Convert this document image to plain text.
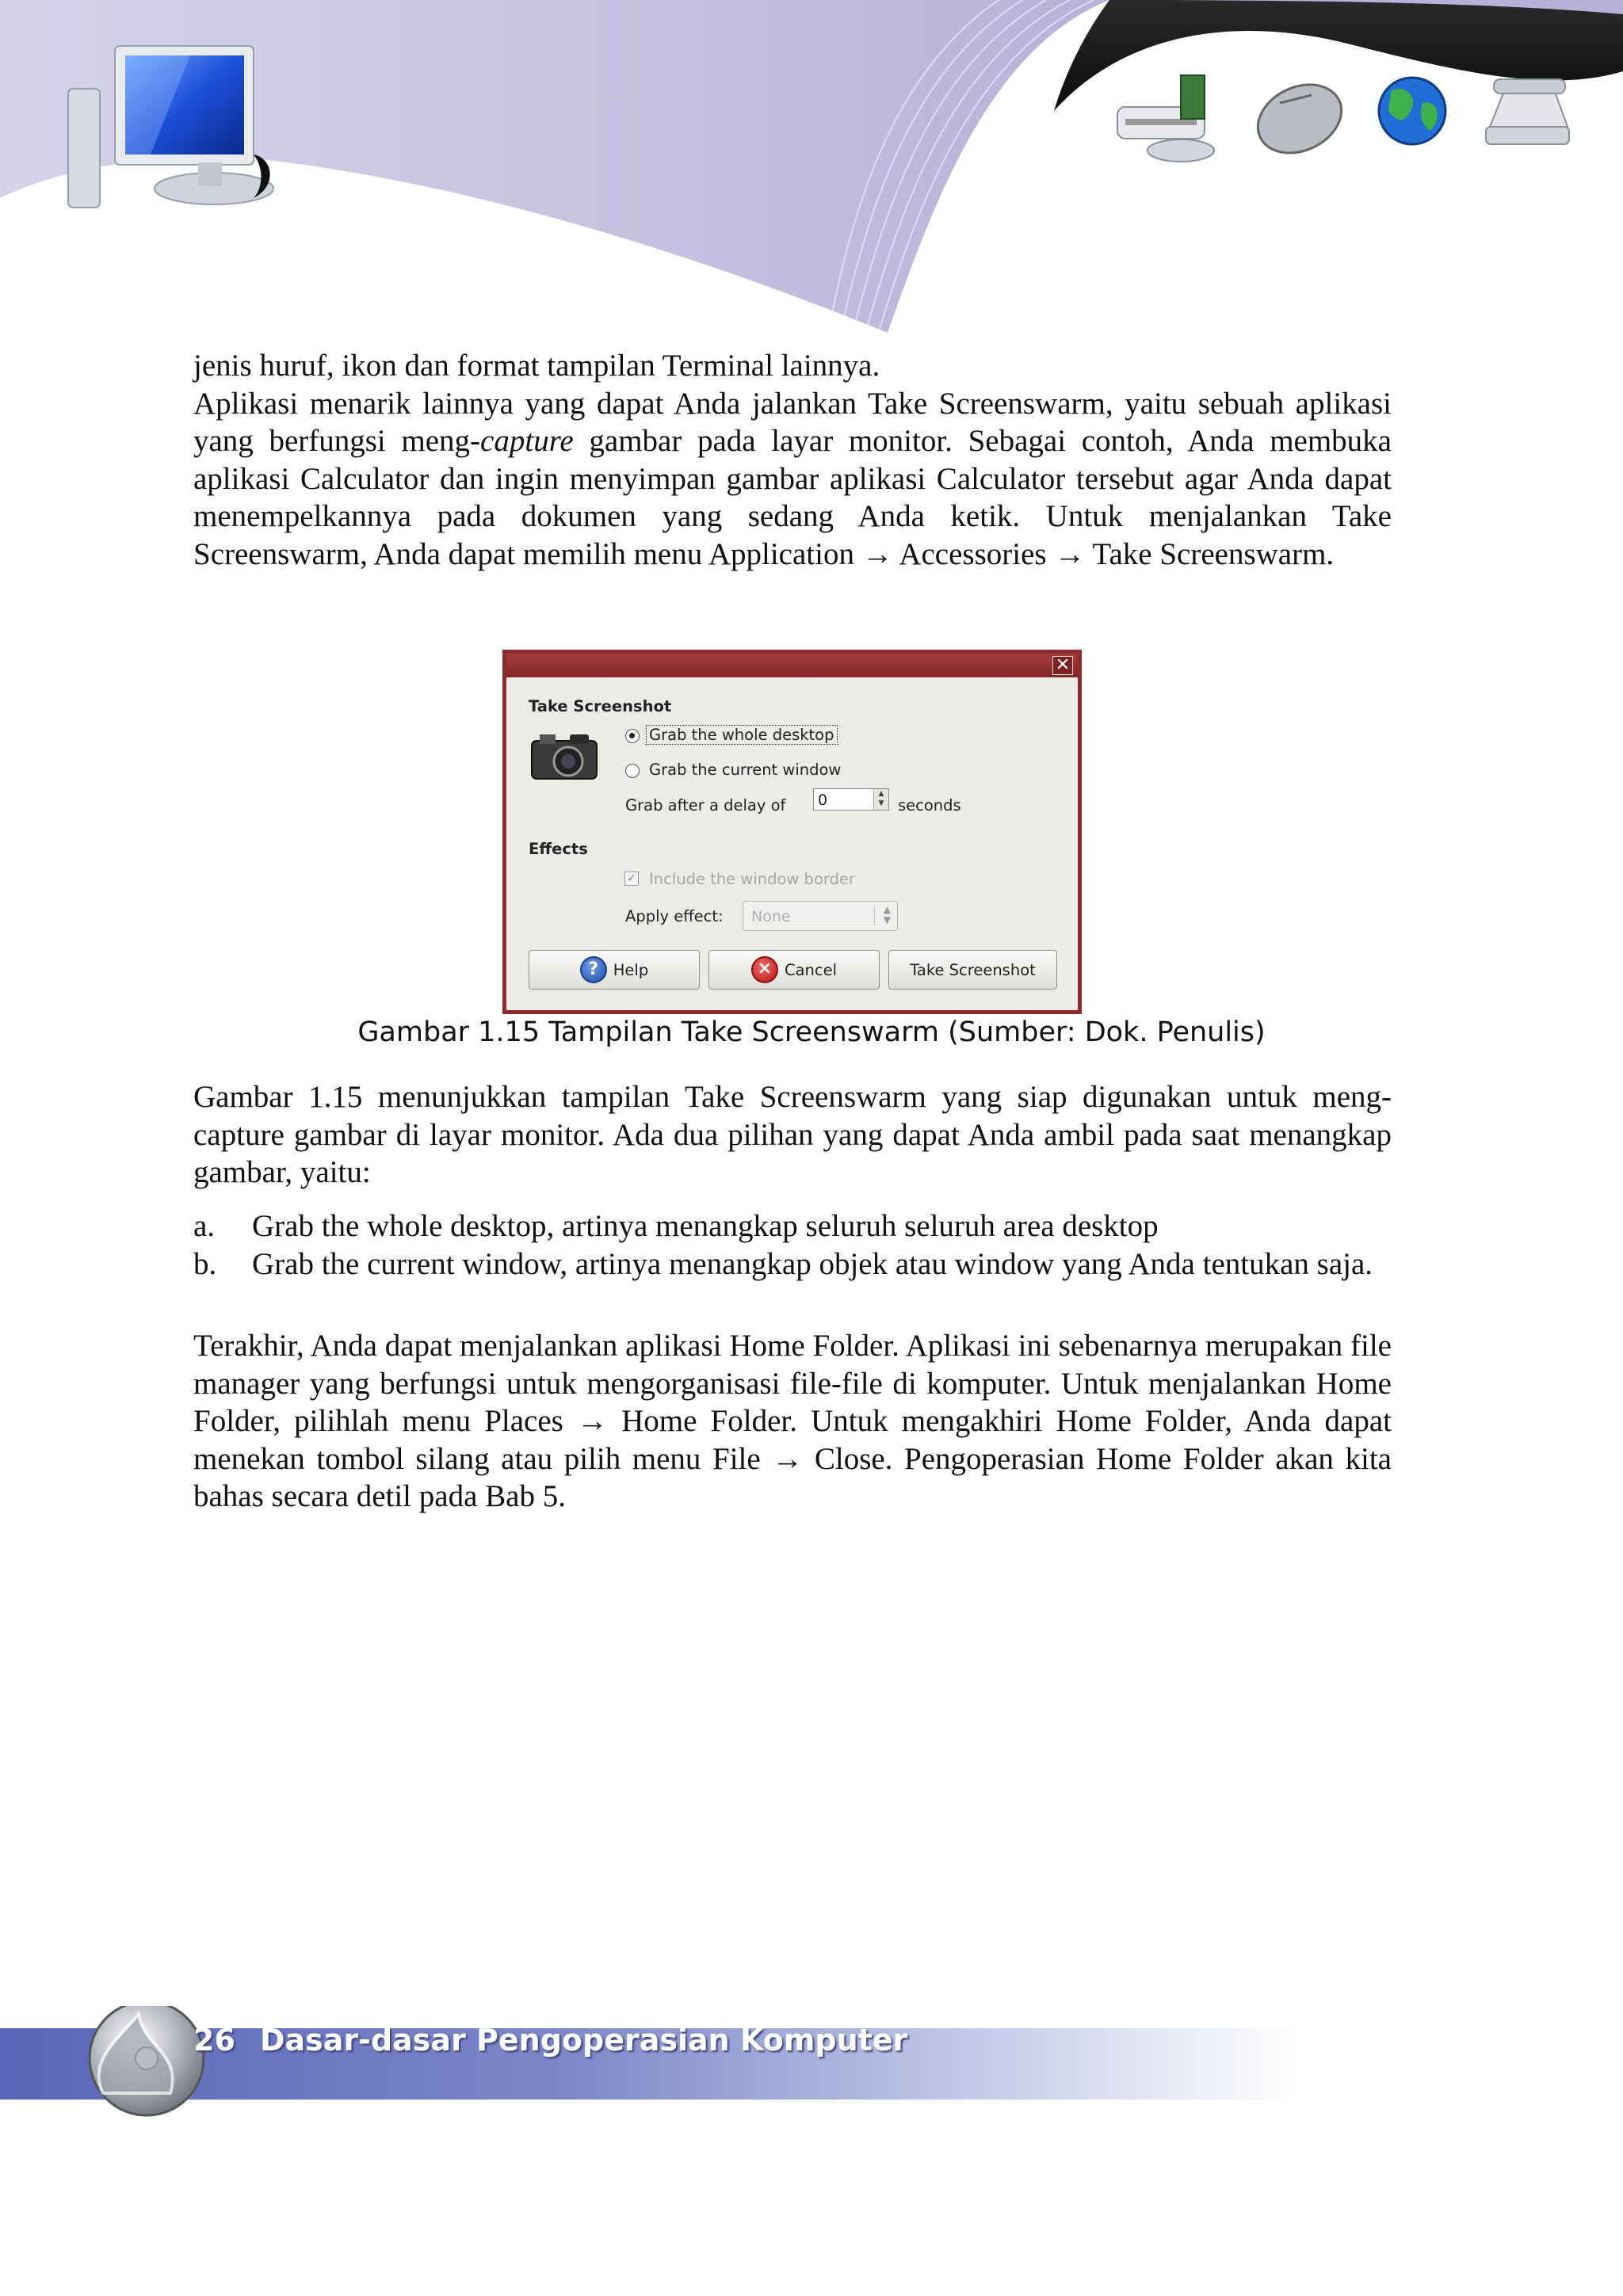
jenis huruf, ikon dan format tampilan Terminal lainnya.

Aplikasi menarik lainnya yang dapat Anda jalankan Take Screenswarm, yaitu sebuah aplikasi yang berfungsi meng-capture gambar pada layar monitor. Sebagai contoh, Anda membuka aplikasi Calculator dan ingin menyimpan gambar aplikasi Calculator tersebut agar Anda dapat menempelkannya pada dokumen yang sedang Anda ketik. Untuk menjalankan Take Screenswarm, Anda dapat memilih menu Application → Accessories → Take Screenswarm.

✕
Take Screenshot
Grab the whole desktop
Grab the current window
Grab after a delay of 0	▲
▼ seconds
Effects
✓ Include the window border
Apply effect: None	▲
▼
? Help	× Cancel	Take Screenshot
Gambar 1.15 Tampilan Take Screenswarm (Sumber: Dok. Penulis)

Gambar 1.15 menunjukkan tampilan Take Screenswarm yang siap digunakan untuk meng-capture gambar di layar monitor. Ada dua pilihan yang dapat Anda ambil pada saat menangkap gambar, yaitu:

a.	Grab the whole desktop, artinya menangkap seluruh seluruh area desktop
b.	Grab the current window, artinya menangkap objek atau window yang Anda tentukan saja.

Terakhir, Anda dapat menjalankan aplikasi Home Folder. Aplikasi ini sebenarnya merupakan file manager yang berfungsi untuk mengorganisasi file-file di komputer. Untuk menjalankan Home Folder, pilihlah menu Places → Home Folder. Untuk mengakhiri Home Folder, Anda dapat menekan tombol silang atau pilih menu File → Close. Pengoperasian Home Folder akan kita bahas secara detil pada Bab 5.

26 Dasar-dasar Pengoperasian Komputer
